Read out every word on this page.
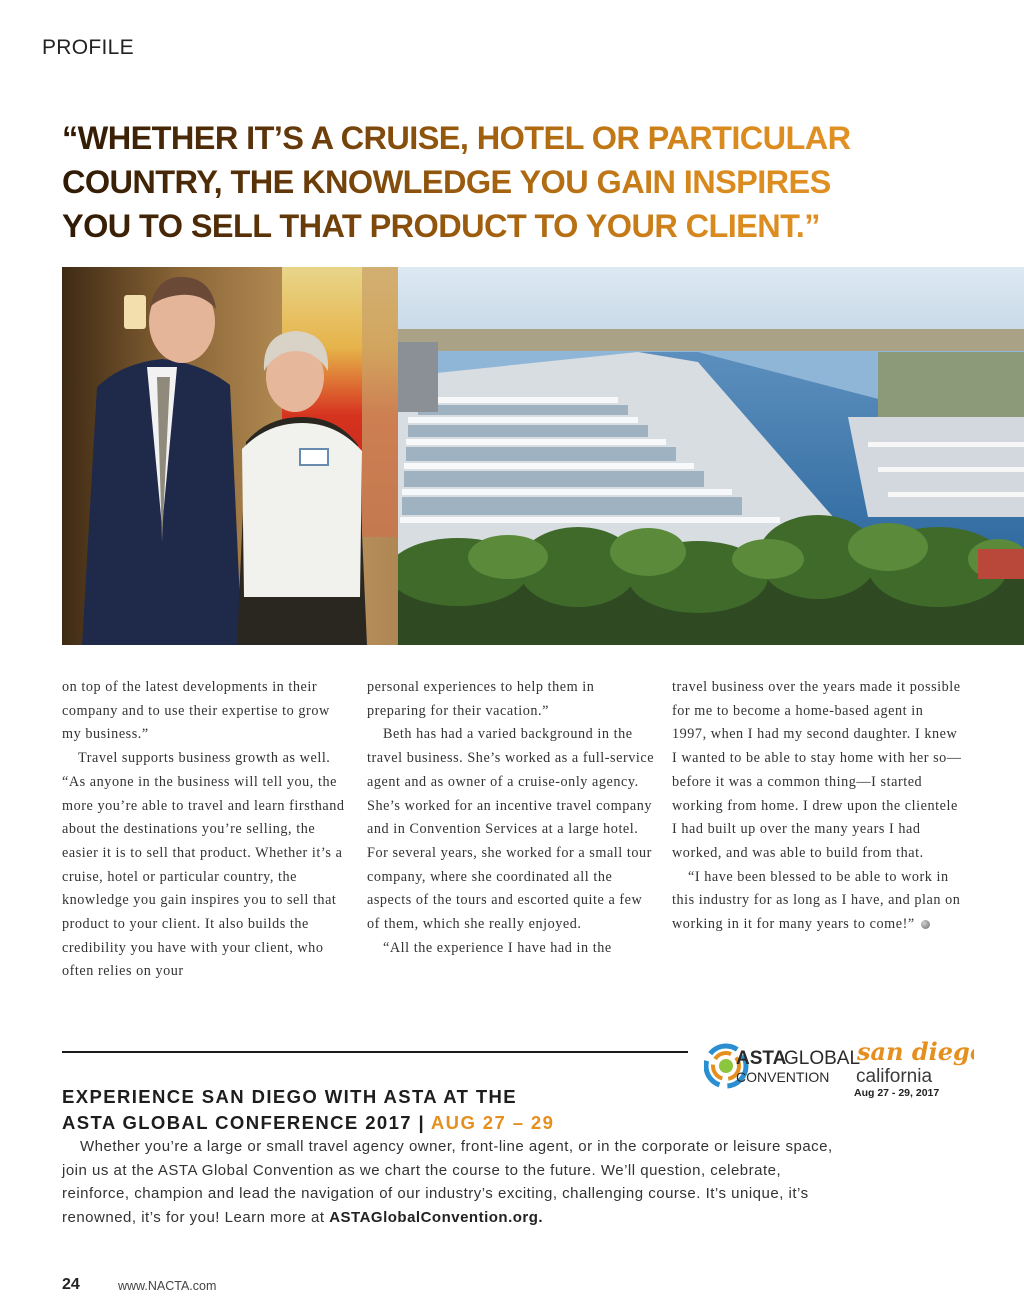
PROFILE
“WHETHER IT’S A CRUISE, HOTEL OR PARTICULAR
COUNTRY, THE KNOWLEDGE YOU GAIN INSPIRES
YOU TO SELL THAT PRODUCT TO YOUR CLIENT.”

on top of the latest developments in their company and to use their expertise to grow my business.”

Travel supports business growth as well. “As anyone in the business will tell you, the more you’re able to travel and learn firsthand about the destinations you’re selling, the easier it is to sell that product. Whether it’s a cruise, hotel or particular country, the knowledge you gain inspires you to sell that product to your client. It also builds the credibility you have with your client, who often relies on your

personal experiences to help them in preparing for their vacation.”

Beth has had a varied background in the travel business. She’s worked as a full-service agent and as owner of a cruise-only agency. She’s worked for an incentive travel company and in Convention Services at a large hotel. For several years, she worked for a small tour company, where she coordinated all the aspects of the tours and escorted quite a few of them, which she really enjoyed.

“All the experience I have had in the

travel business over the years made it possible for me to become a home-based agent in 1997, when I had my second daughter. I knew I wanted to be able to stay home with her so—before it was a common thing—I started working from home. I drew upon the clientele I had built up over the many years I had worked, and was able to build from that.

“I have been blessed to be able to work in this industry for as long as I have, and plan on working in it for many years to come!”

ASTA
GLOBAL
CONVENTION
san diego
california
Aug 27 - 29, 2017
EXPERIENCE SAN DIEGO WITH ASTA AT THE
ASTA GLOBAL CONFERENCE 2017 | AUG 27 – 29
Whether you’re a large or small travel agency owner, front-line agent, or in the corporate or leisure space, join us at the ASTA Global Convention as we chart the course to the future. We’ll question, celebrate, reinforce, champion and lead the navigation of our industry’s exciting, challenging course. It’s unique, it’s renowned, it’s for you! Learn more at ASTAGlobalConvention.org.
24	www.NACTA.com
